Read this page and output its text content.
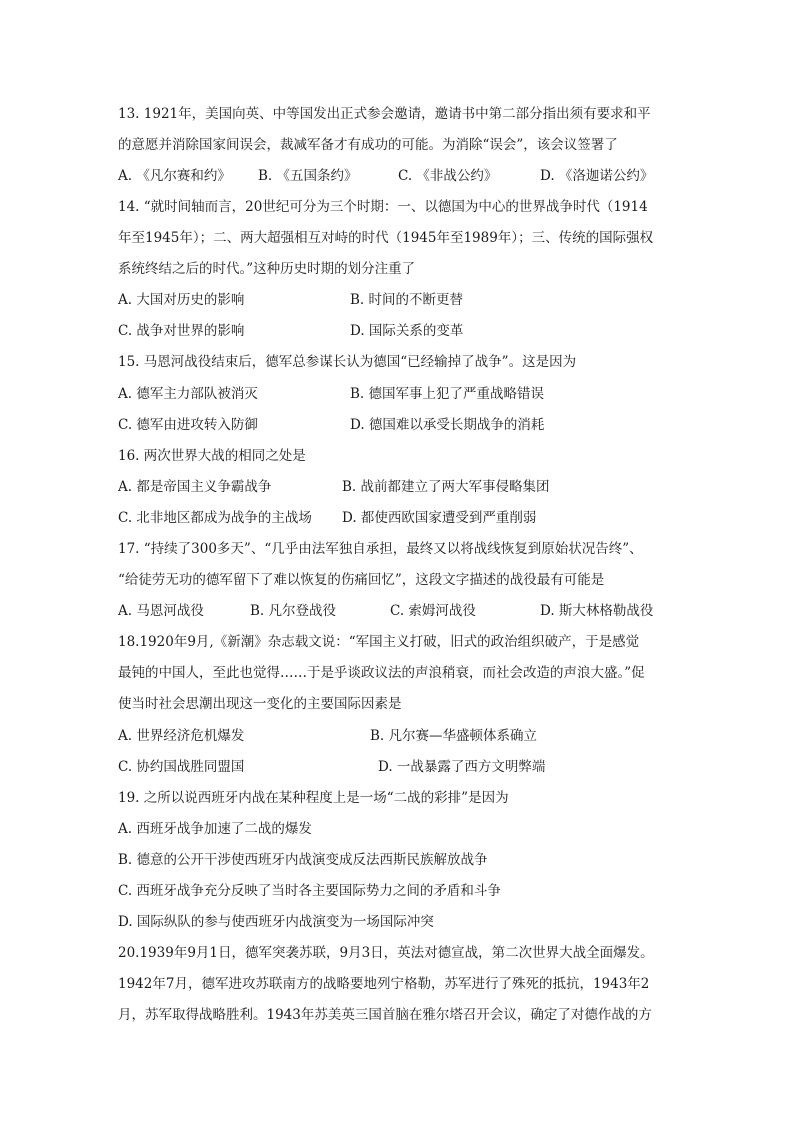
13. 1921年，美国向英、中等国发出正式参会邀请，邀请书中第二部分指出须有要求和平
的意愿并消除国家间误会，裁减军备才有成功的可能。为消除“误会”，该会议签署了
A. 《凡尔赛和约》 B. 《五国条约》	C. 《非战公约》	D. 《洛迦诺公约》
14. “就时间轴而言，20世纪可分为三个时期：一、以德国为中心的世界战争时代（1914
年至1945年）；二、两大超强相互对峙的时代（1945年至1989年）；三、传统的国际强权
系统终结之后的时代。”这种历史时期的划分注重了
A. 大国对历史的影响	B. 时间的不断更替
C. 战争对世界的影响	D. 国际关系的变革
15. 马恩河战役结束后，德军总参谋长认为德国“已经输掉了战争”。这是因为
A. 德军主力部队被消灭	B. 德国军事上犯了严重战略错误
C. 德军由进攻转入防御	D. 德国难以承受长期战争的消耗
16. 两次世界大战的相同之处是
A. 都是帝国主义争霸战争	B. 战前都建立了两大军事侵略集团
C. 北非地区都成为战争的主战场 D. 都使西欧国家遭受到严重削弱
17. “持续了300多天”、“几乎由法军独自承担，最终又以将战线恢复到原始状况告终”、
“给徒劳无功的德军留下了难以恢复的伤痛回忆”，这段文字描述的战役最有可能是
A. 马恩河战役	B. 凡尔登战役	C. 索姆河战役	D. 斯大林格勒战役
18.1920年9月,《新潮》杂志载文说：“军国主义打破，旧式的政治组织破产，于是感觉
最钝的中国人，至此也觉得……于是乎谈政议法的声浪稍衰，而社会改造的声浪大盛。”促
使当时社会思潮出现这一变化的主要国际因素是
A. 世界经济危机爆发	B. 凡尔赛—华盛顿体系确立
C. 协约国战胜同盟国	D. 一战暴露了西方文明弊端
19. 之所以说西班牙内战在某种程度上是一场“二战的彩排”是因为
A. 西班牙战争加速了二战的爆发
B. 德意的公开干涉使西班牙内战演变成反法西斯民族解放战争
C. 西班牙战争充分反映了当时各主要国际势力之间的矛盾和斗争
D. 国际纵队的参与使西班牙内战演变为一场国际冲突
20.1939年9月1日，德军突袭苏联，9月3日，英法对德宣战，第二次世界大战全面爆发。
1942年7月，德军进攻苏联南方的战略要地列宁格勒，苏军进行了殊死的抵抗，1943年2
月，苏军取得战略胜利。1943年苏美英三国首脑在雅尔塔召开会议，确定了对德作战的方
